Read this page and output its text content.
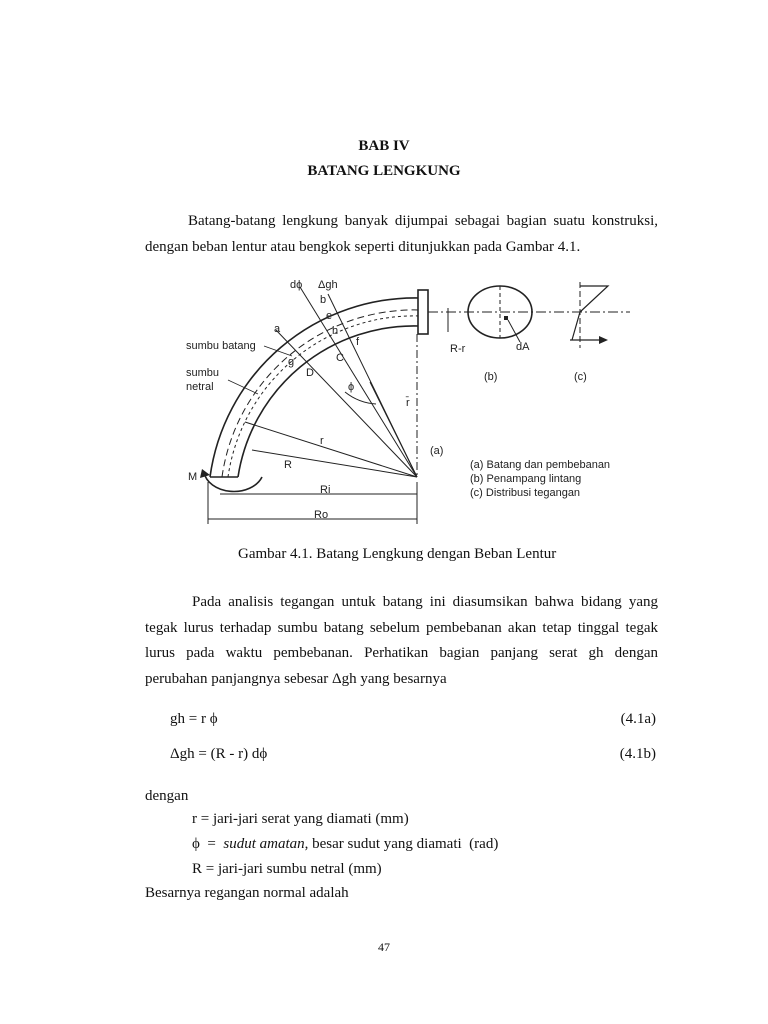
BAB IV
BATANG LENGKUNG
Batang-batang lengkung banyak dijumpai sebagai bagian suatu konstruksi,
dengan beban lentur atau bengkok seperti ditunjukkan pada Gambar 4.1.
dϕ Δgh
b
e
a	h
f
g	C
D
ϕ
r̄
r
R
Ri
Ro
M
R-r	dA
(b)	(c)
(a)
sumbu batang
sumbu
netral
(a) Batang dan pembebanan
(b) Penampang lintang
(c) Distribusi tegangan
Gambar 4.1. Batang Lengkung dengan Beban Lentur
Pada analisis tegangan untuk batang ini diasumsikan bahwa bidang yang
tegak lurus terhadap sumbu batang sebelum pembebanan akan tetap tinggal tegak
lurus pada waktu pembebanan. Perhatikan bagian panjang serat gh dengan
perubahan panjangnya sebesar Δgh yang besarnya
gh = r ϕ	(4.1a)
Δgh = (R - r) dϕ	(4.1b)
dengan
r = jari-jari serat yang diamati (mm)
ϕ  =  sudut amatan, besar sudut yang diamati  (rad)
R = jari-jari sumbu netral (mm)
Besarnya regangan normal adalah
47
